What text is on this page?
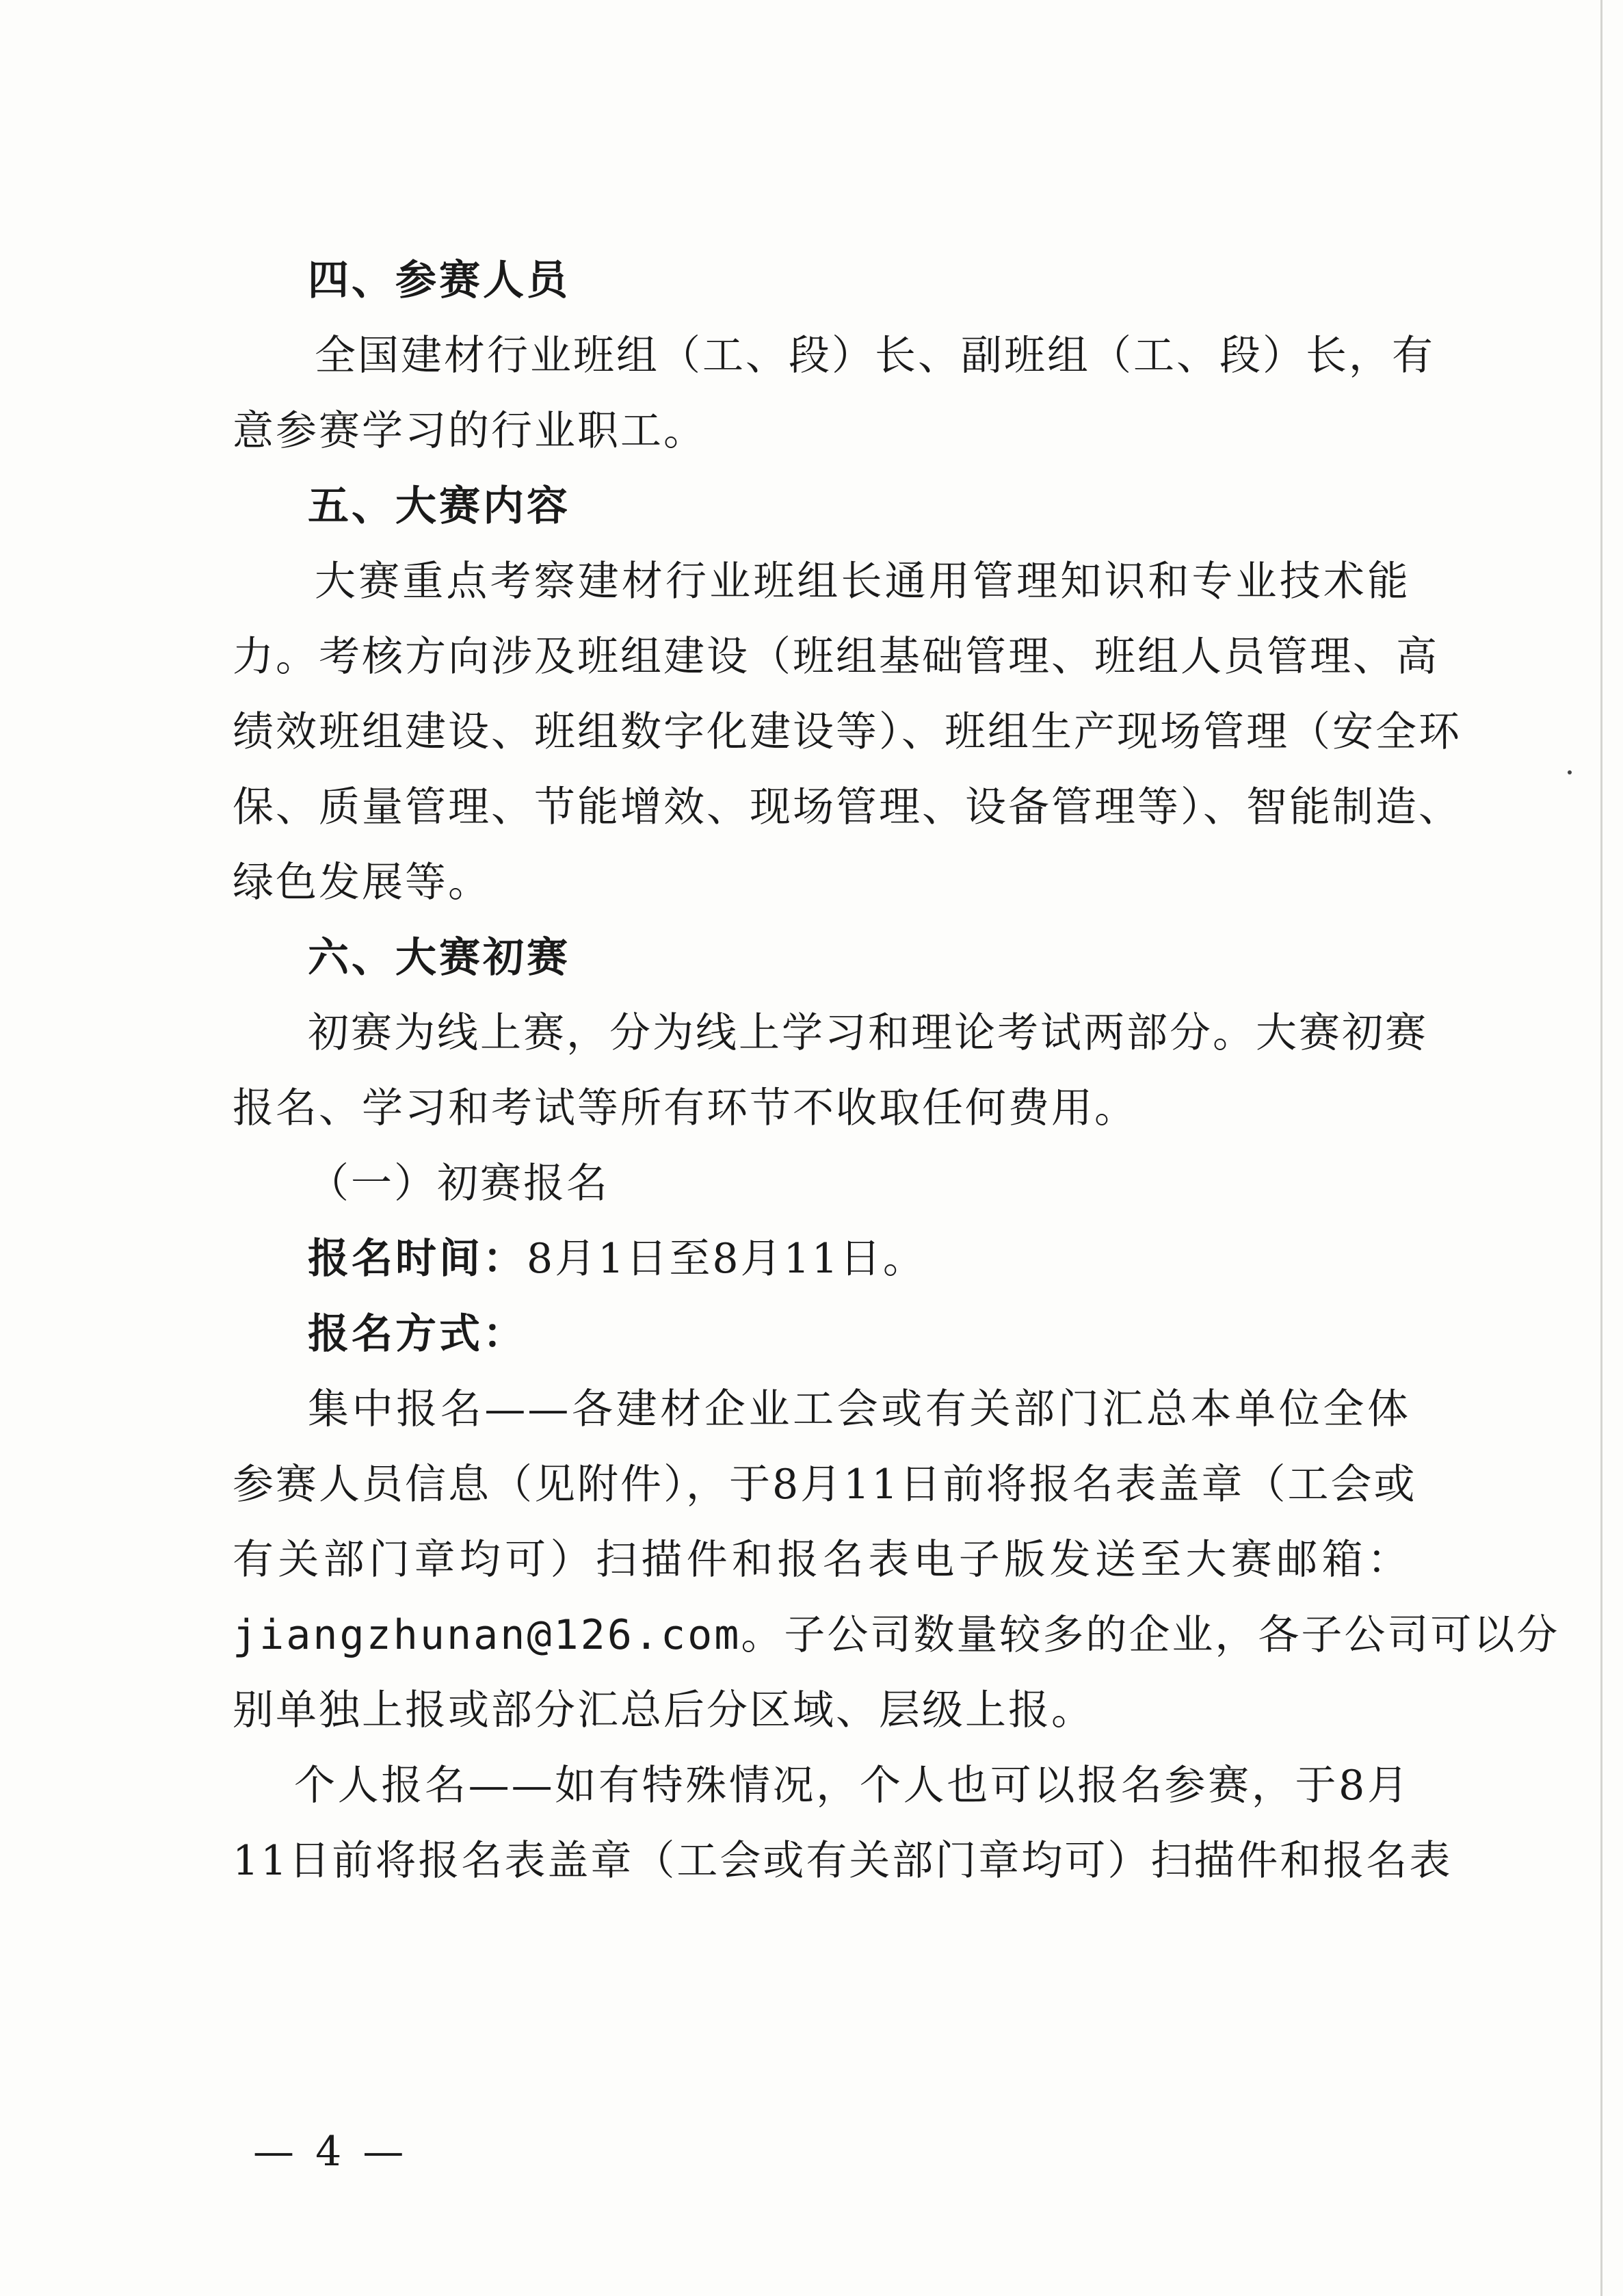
四、参赛人员
全国建材行业班组（工、段）长、副班组（工、段）长，有
意参赛学习的行业职工。
五、大赛内容
大赛重点考察建材行业班组长通用管理知识和专业技术能
力。考核方向涉及班组建设（班组基础管理、班组人员管理、高
绩效班组建设、班组数字化建设等）、班组生产现场管理（安全环
保、质量管理、节能增效、现场管理、设备管理等）、智能制造、
绿色发展等。
六、大赛初赛
初赛为线上赛，分为线上学习和理论考试两部分。大赛初赛
报名、学习和考试等所有环节不收取任何费用。
（一）初赛报名
报名时间：8月1日至8月11日。
报名方式：
集中报名——各建材企业工会或有关部门汇总本单位全体
参赛人员信息（见附件），于8月11日前将报名表盖章（工会或
有关部门章均可）扫描件和报名表电子版发送至大赛邮箱：
jiangzhunan@126.com。子公司数量较多的企业，各子公司可以分
别单独上报或部分汇总后分区域、层级上报。
个人报名——如有特殊情况，个人也可以报名参赛，于8月
11日前将报名表盖章（工会或有关部门章均可）扫描件和报名表
— 4 —
